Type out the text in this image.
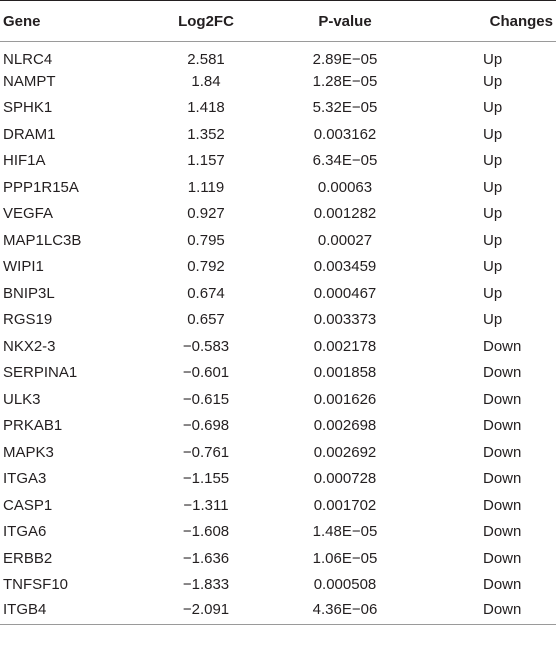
Gene	Log2FC	P-value	Changes
NLRC4	2.581	2.89E−05	Up
NAMPT	1.84	1.28E−05	Up
SPHK1	1.418	5.32E−05	Up
DRAM1	1.352	0.003162	Up
HIF1A	1.157	6.34E−05	Up
PPP1R15A	1.119	0.00063	Up
VEGFA	0.927	0.001282	Up
MAP1LC3B	0.795	0.00027	Up
WIPI1	0.792	0.003459	Up
BNIP3L	0.674	0.000467	Up
RGS19	0.657	0.003373	Up
NKX2-3	−0.583	0.002178	Down
SERPINA1	−0.601	0.001858	Down
ULK3	−0.615	0.001626	Down
PRKAB1	−0.698	0.002698	Down
MAPK3	−0.761	0.002692	Down
ITGA3	−1.155	0.000728	Down
CASP1	−1.311	0.001702	Down
ITGA6	−1.608	1.48E−05	Down
ERBB2	−1.636	1.06E−05	Down
TNFSF10	−1.833	0.000508	Down
ITGB4	−2.091	4.36E−06	Down
